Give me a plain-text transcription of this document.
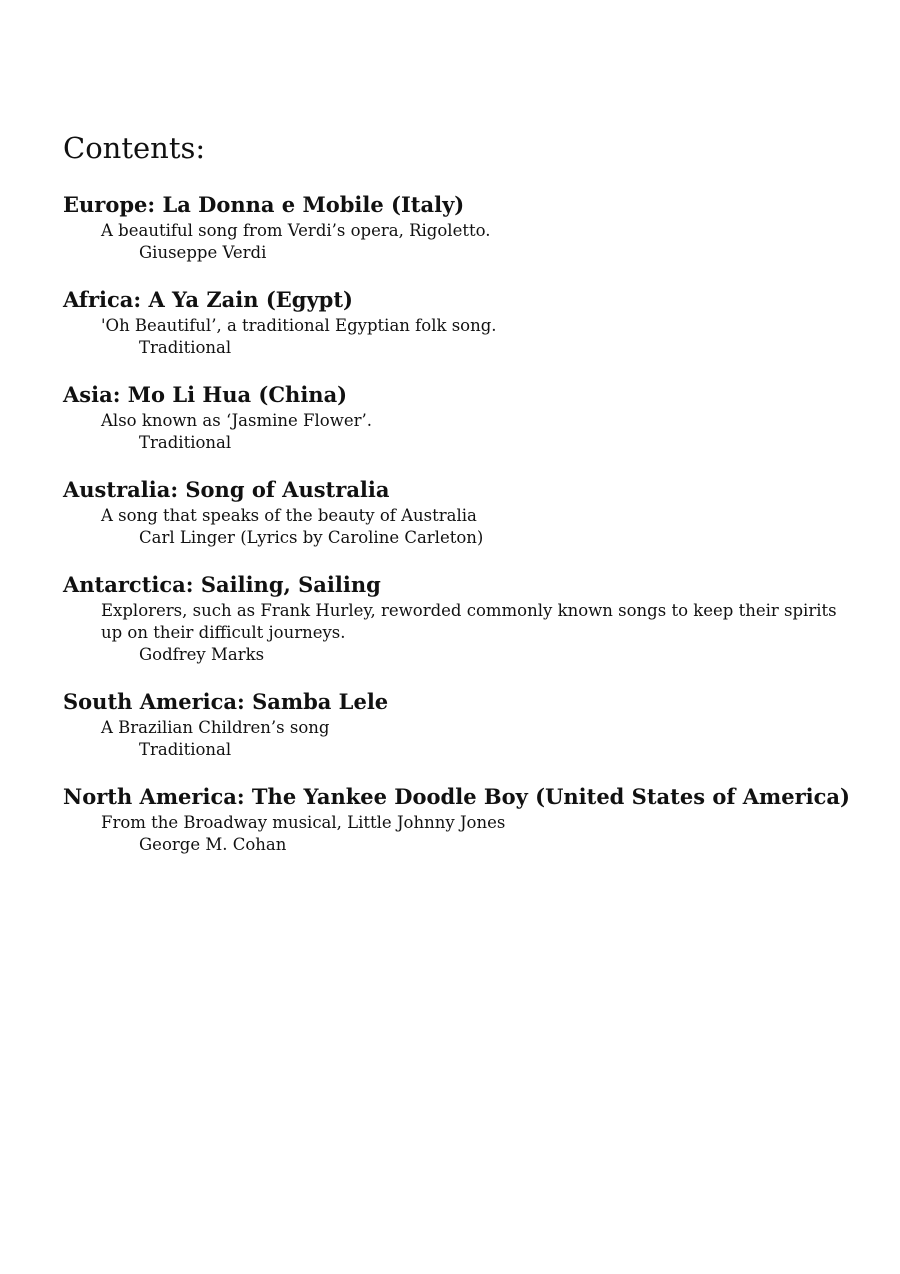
Contents:
Europe: La Donna e Mobile (Italy)
A beautiful song from Verdi’s opera, Rigoletto.
Giuseppe Verdi
Africa: A Ya Zain (Egypt)
'Oh Beautiful’, a traditional Egyptian folk song.
Traditional
Asia: Mo Li Hua (China)
Also known as ‘Jasmine Flower’.
Traditional
Australia: Song of Australia
A song that speaks of the beauty of Australia
Carl Linger (Lyrics by Caroline Carleton)
Antarctica: Sailing, Sailing
Explorers, such as Frank Hurley, reworded commonly known songs to keep their spirits up on their difficult journeys.
Godfrey Marks
South America: Samba Lele
A Brazilian Children’s song
Traditional
North America: The Yankee Doodle Boy (United States of America)
From the Broadway musical, Little Johnny Jones
George M. Cohan
